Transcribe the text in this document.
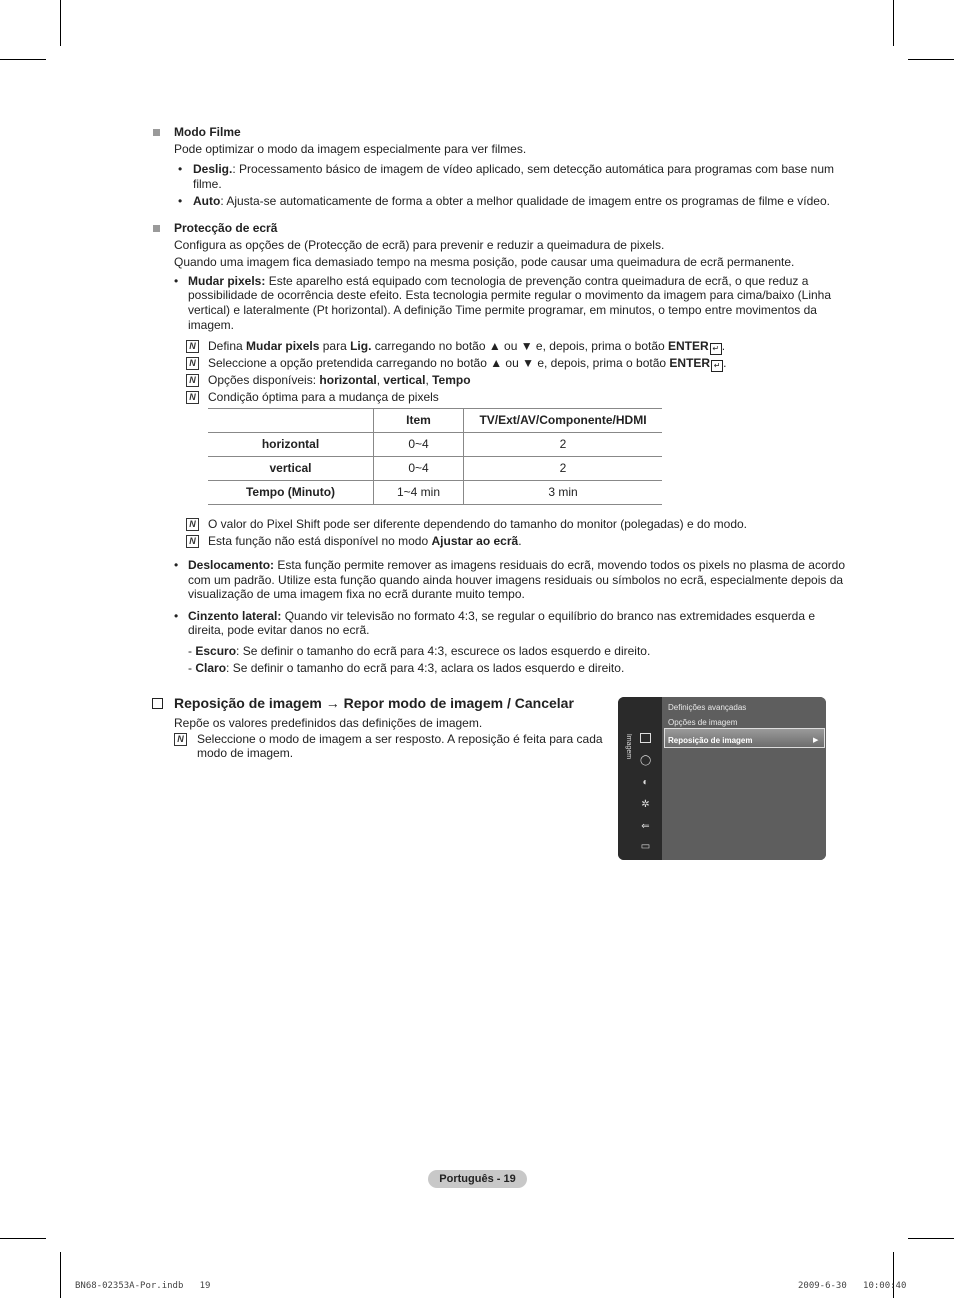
Modo Filme
Pode optimizar o modo da imagem especialmente para ver filmes.
• Deslig.: Processamento básico de imagem de vídeo aplicado, sem detecção automática para programas com base num
filme.
• Auto: Ajusta-se automaticamente de forma a obter a melhor qualidade de imagem entre os programas de filme e vídeo.
Protecção de ecrã
Configura as opções de (Protecção de ecrã) para prevenir e reduzir a queimadura de pixels.
Quando uma imagem fica demasiado tempo na mesma posição, pode causar uma queimadura de ecrã permanente.
• Mudar pixels: Este aparelho está equipado com tecnologia de prevenção contra queimadura de ecrã, o que reduz a
possibilidade de ocorrência deste efeito. Esta tecnologia permite regular o movimento da imagem para cima/baixo (Linha
vertical) e lateralmente (Pt horizontal). A definição Time permite programar, em minutos, o tempo entre movimentos da
imagem.
N Defina Mudar pixels para Lig. carregando no botão ▲ ou ▼ e, depois, prima o botão ENTER ↵ .
N Seleccione a opção pretendida carregando no botão ▲ ou ▼ e, depois, prima o botão ENTER ↵ .
N Opções disponíveis: horizontal, vertical, Tempo
N Condição óptima para a mudança de pixels
	Item	TV/Ext/AV/Componente/HDMI
horizontal	0~4	2
vertical	0~4	2
Tempo (Minuto)	1~4 min	3 min
N O valor do Pixel Shift pode ser diferente dependendo do tamanho do monitor (polegadas) e do modo.
N Esta função não está disponível no modo Ajustar ao ecrã.
• Deslocamento: Esta função permite remover as imagens residuais do ecrã, movendo todos os pixels no plasma de acordo
com um padrão. Utilize esta função quando ainda houver imagens residuais ou símbolos no ecrã, especialmente depois da
visualização de uma imagem fixa no ecrã durante muito tempo.
• Cinzento lateral: Quando vir televisão no formato 4:3, se regular o equilíbrio do branco nas extremidades esquerda e
direita, pode evitar danos no ecrã.
- Escuro: Se definir o tamanho do ecrã para 4:3, escurece os lados esquerdo e direito.
- Claro: Se definir o tamanho do ecrã para 4:3, aclara os lados esquerdo e direito.
Reposição de imagem → Repor modo de imagem / Cancelar
Repõe os valores predefinidos das definições de imagem.
N Seleccione o modo de imagem a ser resposto. A reposição é feita para cada
modo de imagem.	Imagem
◯
◐
✲
⇐
▭
Definições avançadas
Opções de imagem
Reposição de imagem	▶
Português - 19
BN68-02353A-Por.indb   19	2009-6-30   10:00:40
